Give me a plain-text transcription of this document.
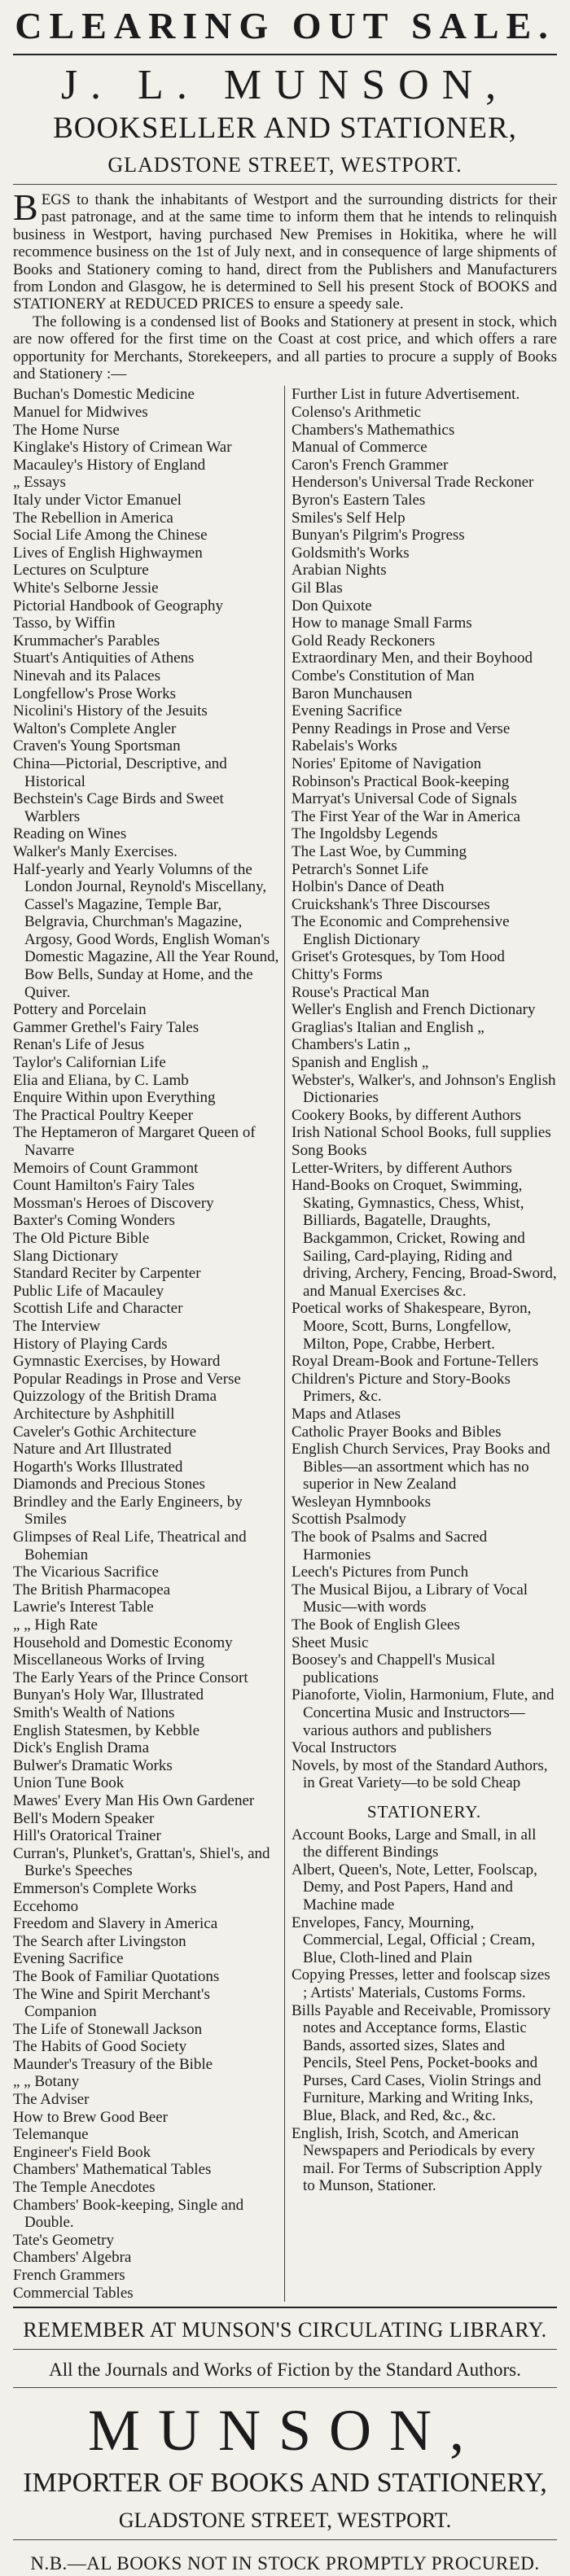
CLEARING OUT SALE.
J. L. MUNSON,
BOOKSELLER AND STATIONER,
GLADSTONE STREET, WESTPORT.
BEGS to thank the inhabitants of Westport and the surrounding districts for their past patronage, and at the same time to inform them that he intends to relinquish business in Westport, having purchased New Premises in Hokitika, where he will recommence business on the 1st of July next, and in consequence of large shipments of Books and Stationery coming to hand, direct from the Publishers and Manufacturers from London and Glasgow, he is determined to Sell his present Stock of BOOKS and STATIONERY at REDUCED PRICES to ensure a speedy sale.
The following is a condensed list of Books and Stationery at present in stock, which are now offered for the first time on the Coast at cost price, and which offers a rare opportunity for Merchants, Storekeepers, and all parties to procure a supply of Books and Stationery :—
Buchan's Domestic Medicine
Manuel for Midwives
The Home Nurse
Kinglake's History of Crimean War
Macauley's History of England
„ Essays
Italy under Victor Emanuel
The Rebellion in America
Social Life Among the Chinese
Lives of English Highwaymen
Lectures on Sculpture
White's Selborne Jessie
Pictorial Handbook of Geography
Tasso, by Wiffin
Krummacher's Parables
Stuart's Antiquities of Athens
Ninevah and its Palaces
Longfellow's Prose Works
Nicolini's History of the Jesuits
Walton's Complete Angler
Craven's Young Sportsman
China—Pictorial, Descriptive, and Historical
Bechstein's Cage Birds and Sweet Warblers
Reading on Wines
Walker's Manly Exercises.
Half-yearly and Yearly Volumns of the London Journal, Reynold's Miscellany, Cassel's Magazine, Temple Bar, Belgravia, Churchman's Magazine, Argosy, Good Words, English Woman's Domestic Magazine, All the Year Round, Bow Bells, Sunday at Home, and the Quiver.
Pottery and Porcelain
Gammer Grethel's Fairy Tales
Renan's Life of Jesus
Taylor's Californian Life
Elia and Eliana, by C. Lamb
Enquire Within upon Everything
The Practical Poultry Keeper
The Heptameron of Margaret Queen of Navarre
Memoirs of Count Grammont
Count Hamilton's Fairy Tales
Mossman's Heroes of Discovery
Baxter's Coming Wonders
The Old Picture Bible
Slang Dictionary
Standard Reciter by Carpenter
Public Life of Macauley
Scottish Life and Character
The Interview
History of Playing Cards
Gymnastic Exercises, by Howard
Popular Readings in Prose and Verse
Quizzology of the British Drama
Architecture by Ashphitill
Caveler's Gothic Architecture
Nature and Art Illustrated
Hogarth's Works Illustrated
Diamonds and Precious Stones
Brindley and the Early Engineers, by Smiles
Glimpses of Real Life, Theatrical and Bohemian
The Vicarious Sacrifice
The British Pharmacopea
Lawrie's Interest Table
„ „ High Rate
Household and Domestic Economy
Miscellaneous Works of Irving
The Early Years of the Prince Consort
Bunyan's Holy War, Illustrated
Smith's Wealth of Nations
English Statesmen, by Kebble
Dick's English Drama
Bulwer's Dramatic Works
Union Tune Book
Mawes' Every Man His Own Gardener
Bell's Modern Speaker
Hill's Oratorical Trainer
Curran's, Plunket's, Grattan's, Shiel's, and Burke's Speeches
Emmerson's Complete Works
Eccehomo
Freedom and Slavery in America
The Search after Livingston
Evening Sacrifice
The Book of Familiar Quotations
The Wine and Spirit Merchant's Companion
The Life of Stonewall Jackson
The Habits of Good Society
Maunder's Treasury of the Bible
„ „ Botany
The Adviser
How to Brew Good Beer
Telemanque
Engineer's Field Book
Chambers' Mathematical Tables
The Temple Anecdotes
Chambers' Book-keeping, Single and Double.
Tate's Geometry
Chambers' Algebra
French Grammers
Commercial Tables
Further List in future Advertisement.
Colenso's Arithmetic
Chambers's Mathemathics
Manual of Commerce
Caron's French Grammer
Henderson's Universal Trade Reckoner
Byron's Eastern Tales
Smiles's Self Help
Bunyan's Pilgrim's Progress
Goldsmith's Works
Arabian Nights
Gil Blas
Don Quixote
How to manage Small Farms
Gold Ready Reckoners
Extraordinary Men, and their Boyhood
Combe's Constitution of Man
Baron Munchausen
Evening Sacrifice
Penny Readings in Prose and Verse
Rabelais's Works
Nories' Epitome of Navigation
Robinson's Practical Book-keeping
Marryat's Universal Code of Signals
The First Year of the War in America
The Ingoldsby Legends
The Last Woe, by Cumming
Petrarch's Sonnet Life
Holbin's Dance of Death
Cruickshank's Three Discourses
The Economic and Comprehensive English Dictionary
Griset's Grotesques, by Tom Hood
Chitty's Forms
Rouse's Practical Man
Weller's English and French Dictionary
Graglias's Italian and English „
Chambers's Latin „
Spanish and English „
Webster's, Walker's, and Johnson's English Dictionaries
Cookery Books, by different Authors
Irish National School Books, full supplies
Song Books
Letter-Writers, by different Authors
Hand-Books on Croquet, Swimming, Skating, Gymnastics, Chess, Whist, Billiards, Bagatelle, Draughts, Backgammon, Cricket, Rowing and Sailing, Card-playing, Riding and driving, Archery, Fencing, Broad-Sword, and Manual Exercises &c.
Poetical works of Shakespeare, Byron, Moore, Scott, Burns, Longfellow, Milton, Pope, Crabbe, Herbert.
Royal Dream-Book and Fortune-Tellers
Children's Picture and Story-Books Primers, &c.
Maps and Atlases
Catholic Prayer Books and Bibles
English Church Services, Pray Books and Bibles—an assortment which has no superior in New Zealand
Wesleyan Hymnbooks
Scottish Psalmody
The book of Psalms and Sacred Harmonies
Leech's Pictures from Punch
The Musical Bijou, a Library of Vocal Music—with words
The Book of English Glees
Sheet Music
Boosey's and Chappell's Musical publications
Pianoforte, Violin, Harmonium, Flute, and Concertina Music and Instructors—various authors and publishers
Vocal Instructors
Novels, by most of the Standard Authors, in Great Variety—to be sold Cheap
STATIONERY.
Account Books, Large and Small, in all the different Bindings
Albert, Queen's, Note, Letter, Foolscap, Demy, and Post Papers, Hand and Machine made
Envelopes, Fancy, Mourning, Commercial, Legal, Official ; Cream, Blue, Cloth-lined and Plain
Copying Presses, letter and foolscap sizes ; Artists' Materials, Customs Forms.
Bills Payable and Receivable, Promissory notes and Acceptance forms, Elastic Bands, assorted sizes, Slates and Pencils, Steel Pens, Pocket-books and Purses, Card Cases, Violin Strings and Furniture, Marking and Writing Inks, Blue, Black, and Red, &c., &c.
English, Irish, Scotch, and American Newspapers and Periodicals by every mail. For Terms of Subscription Apply to Munson, Stationer.
REMEMBER AT MUNSON'S CIRCULATING LIBRARY.
All the Journals and Works of Fiction by the Standard Authors.
MUNSON,
IMPORTER OF BOOKS AND STATIONERY,
GLADSTONE STREET, WESTPORT.
N.B.—AL BOOKS NOT IN STOCK PROMPTLY PROCURED.
